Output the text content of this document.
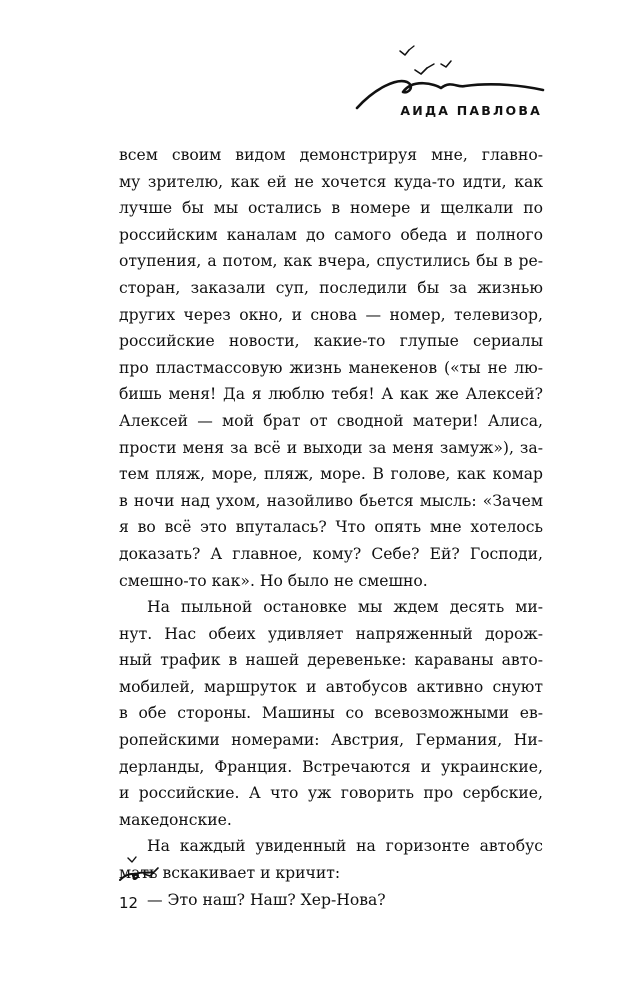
АИДА ПАВЛОВА
всем своим видом демонстрируя мне, главно-
му зрителю, как ей не хочется куда-то идти, как
лучше бы мы остались в номере и щелкали по
российским каналам до самого обеда и полного
отупения, а потом, как вчера, спустились бы в ре-
сторан, заказали суп, последили бы за жизнью
других через окно, и снова — номер, телевизор,
российские новости, какие-то глупые сериалы
про пластмассовую жизнь манекенов («ты не лю-
бишь меня! Да я люблю тебя! А как же Алексей?
Алексей — мой брат от сводной матери! Алиса,
прости меня за всё и выходи за меня замуж»), за-
тем пляж, море, пляж, море. В голове, как комар
в ночи над ухом, назойливо бьется мысль: «Зачем
я во всё это впуталась? Что опять мне хотелось
доказать? А главное, кому? Себе? Ей? Господи,
смешно-то как». Но было не смешно.
На пыльной остановке мы ждем десять ми-
нут. Нас обеих удивляет напряженный дорож-
ный трафик в нашей деревеньке: караваны авто-
мобилей, маршруток и автобусов активно снуют
в обе стороны. Машины со всевозможными ев-
ропейскими номерами: Австрия, Германия, Ни-
дерланды, Франция. Встречаются и украинские,
и российские. А что уж говорить про сербские,
македонские.
На каждый увиденный на горизонте автобус
мать вскакивает и кричит:
— Это наш? Наш? Хер-Нова?
12
